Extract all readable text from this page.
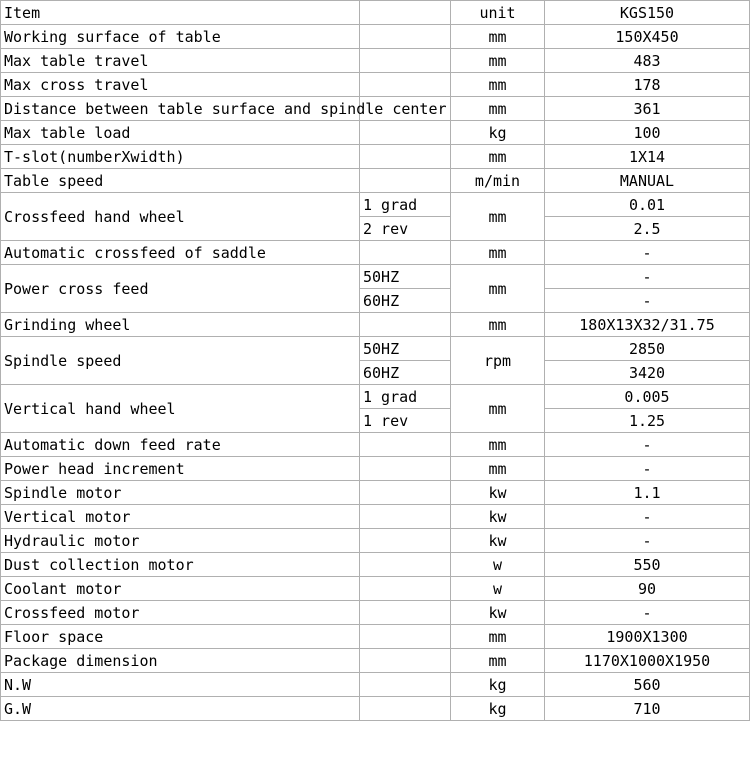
Item		unit	KGS150
Working surface of table		mm	150X450
Max table travel		mm	483
Max cross travel		mm	178
Distance between table surface and spindle center		mm	361
Max table load		kg	100
T-slot(numberXwidth)		mm	1X14
Table speed		m/min	MANUAL
Crossfeed hand wheel	1 grad	mm	0.01
	2 rev		2.5
Automatic crossfeed of saddle		mm	-
Power cross feed	50HZ	mm	-
	60HZ		-
Grinding wheel		mm	180X13X32/31.75
Spindle speed	50HZ	rpm	2850
	60HZ		3420
Vertical hand wheel	1 grad	mm	0.005
	1 rev		1.25
Automatic down feed rate		mm	-
Power head increment		mm	-
Spindle motor		kw	1.1
Vertical motor		kw	-
Hydraulic motor		kw	-
Dust collection motor		w	550
Coolant motor		w	90
Crossfeed motor		kw	-
Floor space		mm	1900X1300
Package dimension		mm	1170X1000X1950
N.W		kg	560
G.W		kg	710
